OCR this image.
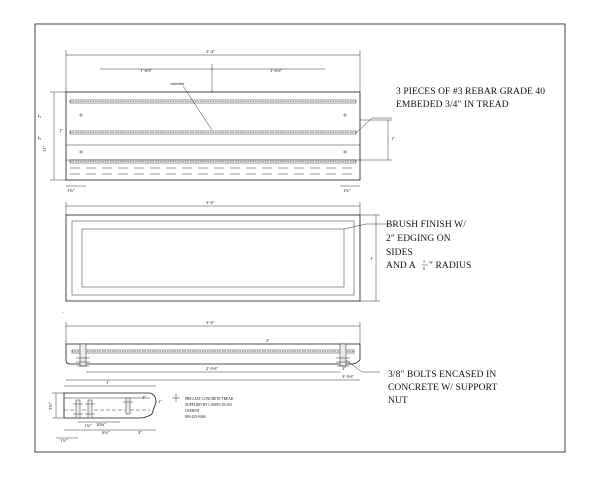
3'-4"
1'-6⅜"	1'-6⅜"
centerline
2"
2"
11"
1"
1⅝"	1⅝"
1"
3 PIECES OF #3 REBAR GRADE 40
EMBEDED 3/4" IN TREAD
3'-6"
1'
-
BRUSH FINISH W/
2" EDGING ON
SIDES
AND A 3
8 " RADIUS
3'-6"
4"
2'-5⅜"	3"
3'-5⅜"	3/8" BOLTS ENCASED IN
CONCRETE W/ SUPPORT
NUT
1'
3⅝"
1"
3"
10⅜"
6⅝"	3"
1⅞"
1⅞"
PRECAST CONCRETE TREAD
SUPPLIED BY CAMP LOGAN
CEMENT
800-425-9068
